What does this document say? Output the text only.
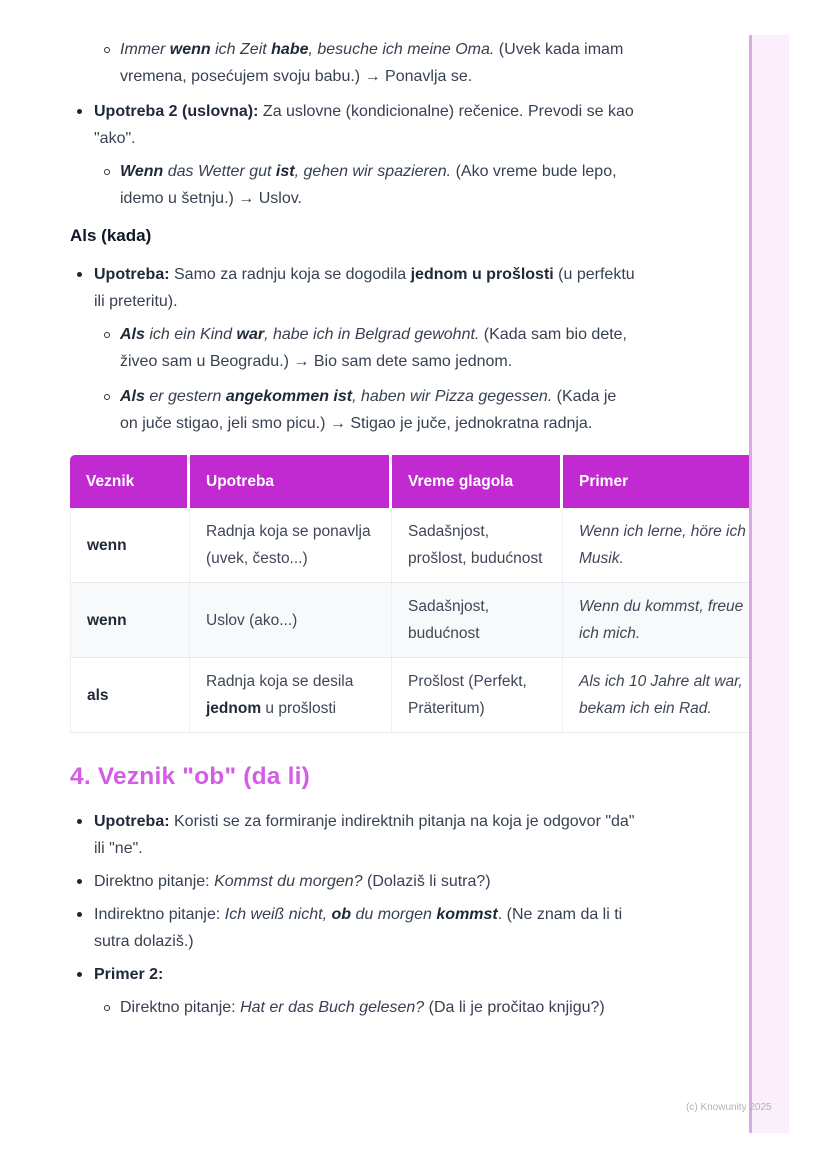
Immer wenn ich Zeit habe, besuche ich meine Oma. (Uvek kada imam vremena, posećujem svoju babu.) → Ponavlja se.
Upotreba 2 (uslovna): Za uslovne (kondicionalne) rečenice. Prevodi se kao "ako".
Wenn das Wetter gut ist, gehen wir spazieren. (Ako vreme bude lepo, idemo u šetnju.) → Uslov.
Als (kada)
Upotreba: Samo za radnju koja se dogodila jednom u prošlosti (u perfektu ili preteritu).
Als ich ein Kind war, habe ich in Belgrad gewohnt. (Kada sam bio dete, živeo sam u Beogradu.) → Bio sam dete samo jednom.
Als er gestern angekommen ist, haben wir Pizza gegessen. (Kada je on juče stigao, jeli smo picu.) → Stigao je juče, jednokratna radnja.
Veznik	Upotreba	Vreme glagola	Primer
wenn	Radnja koja se ponavlja (uvek, često...)	Sadašnjost, prošlost, budućnost	Wenn ich lerne, höre ich Musik.
wenn	Uslov (ako...)	Sadašnjost, budućnost	Wenn du kommst, freue ich mich.
als	Radnja koja se desila jednom u prošlosti	Prošlost (Perfekt, Präteritum)	Als ich 10 Jahre alt war, bekam ich ein Rad.
4. Veznik "ob" (da li)
Upotreba: Koristi se za formiranje indirektnih pitanja na koja je odgovor "da" ili "ne".
Direktno pitanje: Kommst du morgen? (Dolaziš li sutra?)
Indirektno pitanje: Ich weiß nicht, ob du morgen kommst. (Ne znam da li ti sutra dolaziš.)
Primer 2:
Direktno pitanje: Hat er das Buch gelesen? (Da li je pročitao knjigu?)
(c) Knowunity 2025
